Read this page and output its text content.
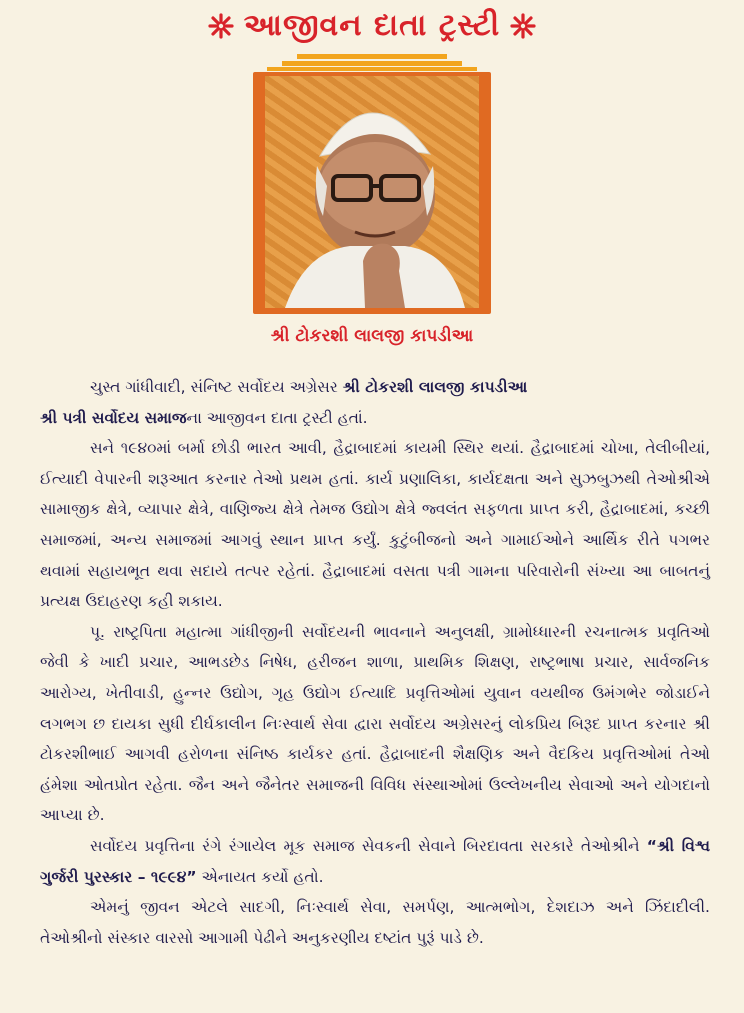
આજીવન દાતા ટ્રસ્ટી
શ્રી ટોકરશી લાલજી કાપડીઆ

ચુસ્ત ગાંધીવાદી, સંનિષ્ટ સર્વોદય અગ્રેસર શ્રી ટોકરશી લાલજી કાપડીઆ
શ્રી પત્રી સર્વોદય સમાજના આજીવન દાતા ટ્રસ્ટી હતાં.

સને ૧૯૪૦માં બર્મા છોડી ભારત આવી, હૈદ્રાબાદમાં કાયમી સ્થિર થયાં. હૈદ્રાબાદમાં ચોખા, તેલીબીયાં, ઈત્યાદી વેપારની શરૂઆત કરનાર તેઓ પ્રથમ હતાં. કાર્ય પ્રણાલિકા, કાર્યદક્ષતા અને સુઝબુઝથી તેઓશ્રીએ સામાજીક ક્ષેત્રે, વ્યાપાર ક્ષેત્રે, વાણિજ્ય ક્ષેત્રે તેમજ ઉદ્યોગ ક્ષેત્રે જ્વલંત સફળતા પ્રાપ્ત કરી, હૈદ્રાબાદમાં, કચ્છી સમાજમાં, અન્ય સમાજમાં આગવું સ્થાન પ્રાપ્ત કર્યું. કુટુંબીજનો અને ગામાઈઓને આર્થિક રીતે પગભર થવામાં સહાયભૂત થવા સદાયે તત્પર રહેતાં. હૈદ્રાબાદમાં વસતા પત્રી ગામના પરિવારોની સંખ્યા આ બાબતનું પ્રત્યક્ષ ઉદાહરણ કહી શકાય.

પૂ. રાષ્ટ્રપિતા મહાત્મા ગાંધીજીની સર્વોદયની ભાવનાને અનુલક્ષી, ગ્રામોધ્ધારની રચનાત્મક પ્રવૃતિઓ જેવી કે ખાદી પ્રચાર, આભડછેડ નિષેધ, હરીજન શાળા, પ્રાથમિક શિક્ષણ, રાષ્ટ્રભાષા પ્રચાર, સાર્વજનિક આરોગ્ય, ખેતીવાડી, હુન્નર ઉદ્યોગ, ગૃહ ઉદ્યોગ ઈત્યાદિ પ્રવૃત્તિઓમાં યુવાન વયથીજ ઉમંગભેર જોડાઈને લગભગ છ દાયકા સુધી દીર્ઘકાલીન નિઃસ્વાર્થ સેવા દ્વારા સર્વોદય અગ્રેસરનું લોકપ્રિય બિરૂદ પ્રાપ્ત કરનાર શ્રી ટોકરશીભાઈ આગવી હરોળના સંનિષ્ઠ કાર્યકર હતાં. હૈદ્રાબાદની શૈક્ષણિક અને વૈદકિય પ્રવૃત્તિઓમાં તેઓ હંમેશા ઓતપ્રોત રહેતા. જૈન અને જૈનેતર સમાજની વિવિધ સંસ્થાઓમાં ઉલ્લેખનીય સેવાઓ અને યોગદાનો આપ્યા છે.

સર્વોદય પ્રવૃત્તિના રંગે રંગાયેલ મૂક સમાજ સેવકની સેવાને બિરદાવતા સરકારે તેઓશ્રીને “શ્રી વિશ્વ ગુર્જરી પુરસ્કાર – ૧૯૯૪” એનાયત કર્યો હતો.

એમનું જીવન એટલે સાદગી, નિઃસ્વાર્થ સેવા, સમર્પણ, આત્મભોગ, દેશદાઝ અને ઝિંદાદીલી. તેઓશ્રીનો સંસ્કાર વારસો આગામી પેઢીને અનુકરણીય દષ્ટાંત પુરૂં પાડે છે.
